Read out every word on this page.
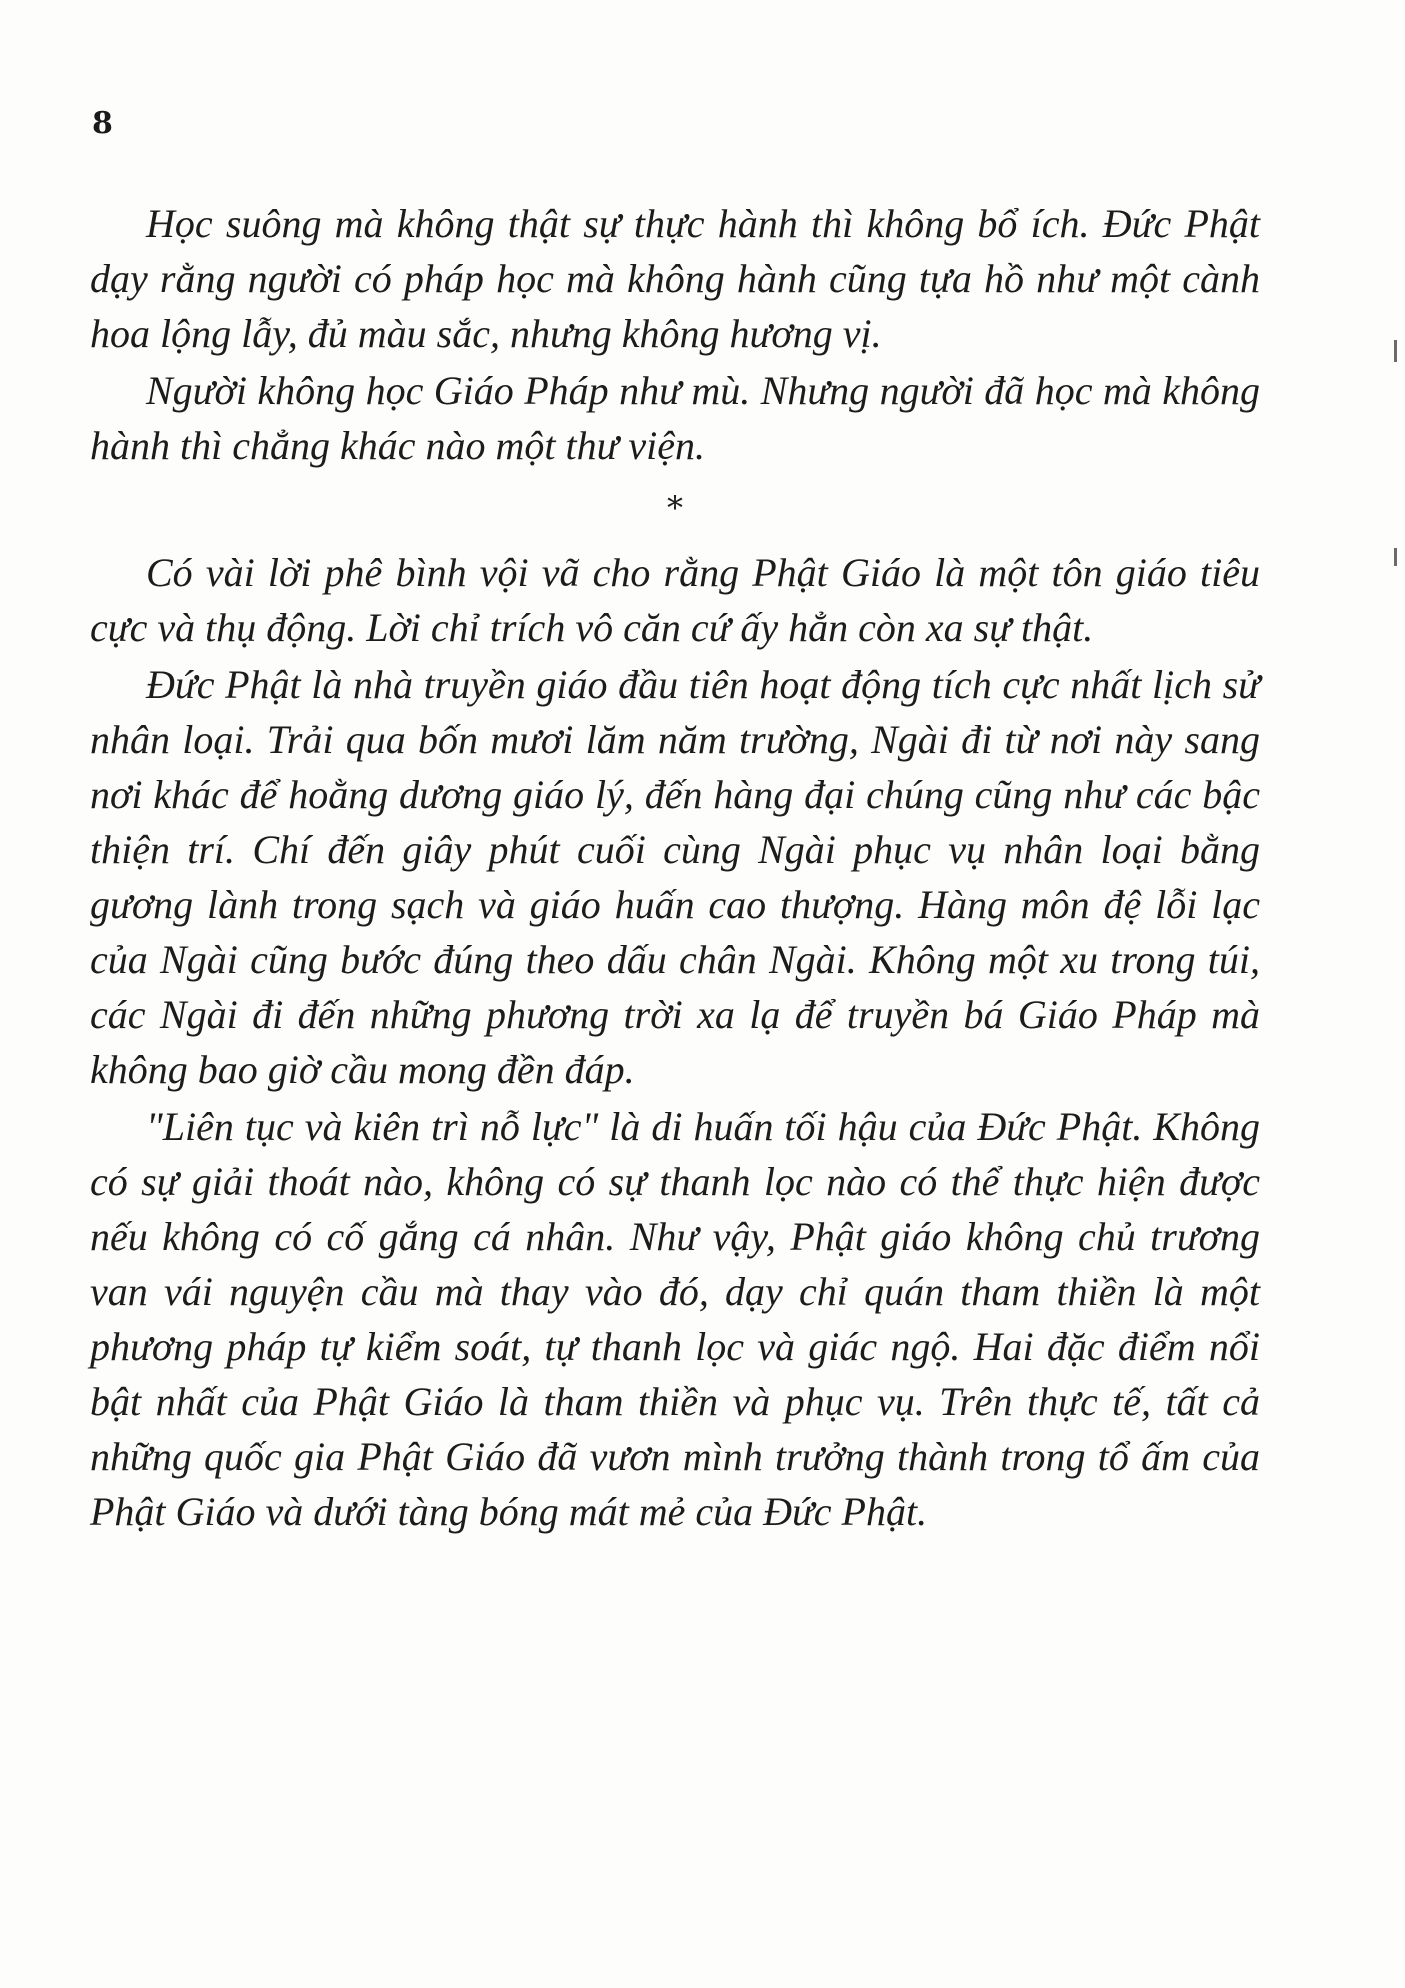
8

Học suông mà không thật sự thực hành thì không bổ ích. Đức Phật dạy rằng người có pháp học mà không hành cũng tựa hồ như một cành hoa lộng lẫy, đủ màu sắc, nhưng không hương vị.

Người không học Giáo Pháp như mù. Nhưng người đã học mà không hành thì chẳng khác nào một thư viện.

*

Có vài lời phê bình vội vã cho rằng Phật Giáo là một tôn giáo tiêu cực và thụ động. Lời chỉ trích vô căn cứ ấy hẳn còn xa sự thật.

Đức Phật là nhà truyền giáo đầu tiên hoạt động tích cực nhất lịch sử nhân loại. Trải qua bốn mươi lăm năm trường, Ngài đi từ nơi này sang nơi khác để hoằng dương giáo lý, đến hàng đại chúng cũng như các bậc thiện trí. Chí đến giây phút cuối cùng Ngài phục vụ nhân loại bằng gương lành trong sạch và giáo huấn cao thượng. Hàng môn đệ lỗi lạc của Ngài cũng bước đúng theo dấu chân Ngài. Không một xu trong túi, các Ngài đi đến những phương trời xa lạ để truyền bá Giáo Pháp mà không bao giờ cầu mong đền đáp.

"Liên tục và kiên trì nỗ lực" là di huấn tối hậu của Đức Phật. Không có sự giải thoát nào, không có sự thanh lọc nào có thể thực hiện được nếu không có cố gắng cá nhân. Như vậy, Phật giáo không chủ trương van vái nguyện cầu mà thay vào đó, dạy chỉ quán tham thiền là một phương pháp tự kiểm soát, tự thanh lọc và giác ngộ. Hai đặc điểm nổi bật nhất của Phật Giáo là tham thiền và phục vụ. Trên thực tế, tất cả những quốc gia Phật Giáo đã vươn mình trưởng thành trong tổ ấm của Phật Giáo và dưới tàng bóng mát mẻ của Đức Phật.
